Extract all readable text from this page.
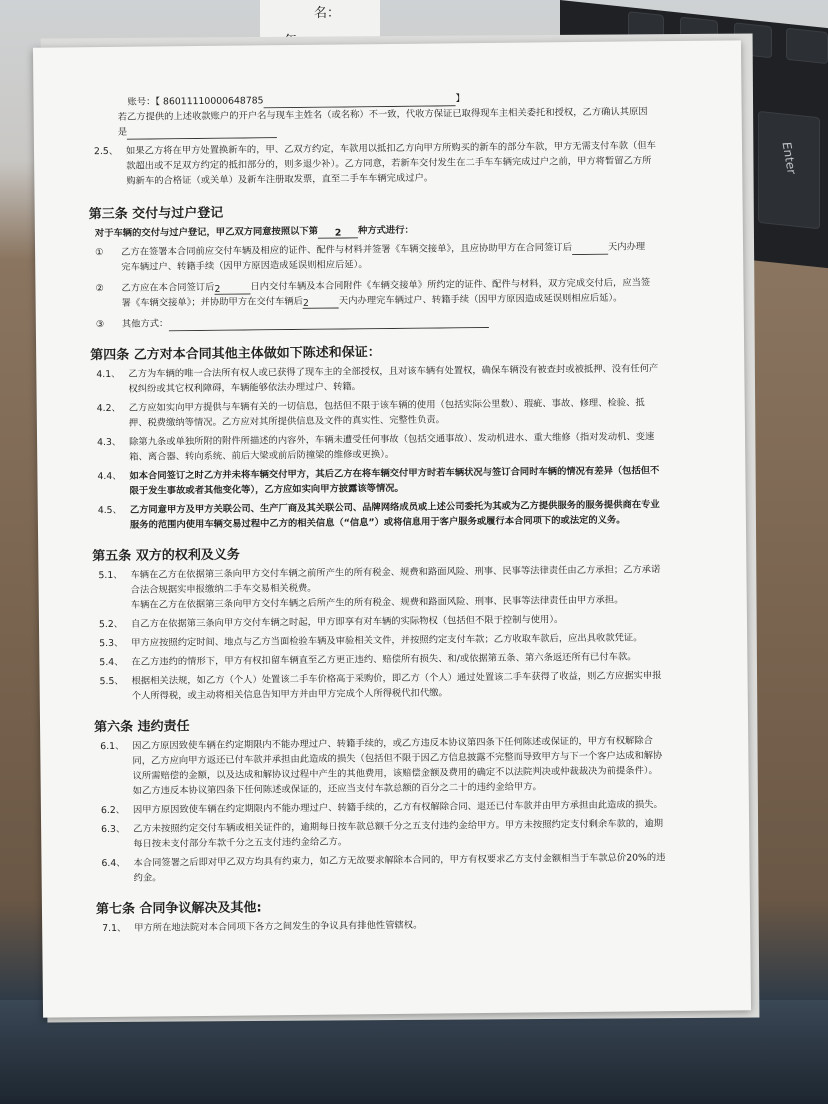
名：
Enter
账号：【 86011110000648785	】
若乙方提供的上述收款账户的开户名与现车主姓名（或名称）不一致，代收方保证已取得现车主相关委托和授权，乙方确认其原因
是
2.5、 如果乙方将在甲方处置换新车的，甲、乙双方约定，车款用以抵扣乙方向甲方所购买的新车的部分车款，甲方无需支付车款（但车
款超出或不足双方约定的抵扣部分的，则多退少补）。乙方同意，若新车交付发生在二手车车辆完成过户之前，甲方将暂留乙方所
购新车的合格证（或关单）及新车注册取发票，直至二手车车辆完成过户。
第三条 交付与过户登记
对于车辆的交付与过户登记，甲乙双方同意按照以下第 2 种方式进行：
①	乙方在签署本合同前应交付车辆及相应的证件、配件与材料并签署《车辆交接单》，且应协助甲方在合同签订后	天内办理
完车辆过户、转籍手续（因甲方原因造成延误则相应后延）。
②	乙方应在本合同签订后2	日内交付车辆及本合同附件《车辆交接单》所约定的证件、配件与材料，双方完成交付后，应当签
署《车辆交接单》；并协助甲方在交付车辆后2	天内办理完车辆过户、转籍手续（因甲方原因造成延误则相应后延）。
③	其他方式：
第四条 乙方对本合同其他主体做如下陈述和保证：
4.1、 乙方为车辆的唯一合法所有权人或已获得了现车主的全部授权，且对该车辆有处置权，确保车辆没有被查封或被抵押、没有任何产
权纠纷或其它权利障碍，车辆能够依法办理过户、转籍。
4.2、 乙方应如实向甲方提供与车辆有关的一切信息，包括但不限于该车辆的使用（包括实际公里数）、瑕疵、事故、修理、检验、抵
押、税费缴纳等情况。乙方应对其所提供信息及文件的真实性、完整性负责。
4.3、 除第九条或单独所附的附件所描述的内容外，车辆未遭受任何事故（包括交通事故）、发动机进水、重大维修（指对发动机、变速
箱、离合器、转向系统、前后大梁或前后防撞梁的维修或更换）。
4.4、 如本合同签订之时乙方并未将车辆交付甲方，其后乙方在将车辆交付甲方时若车辆状况与签订合同时车辆的情况有差异（包括但不
限于发生事故或者其他变化等），乙方应如实向甲方披露该等情况。
4.5、 乙方同意甲方及甲方关联公司、生产厂商及其关联公司、品牌网络成员或上述公司委托为其或为乙方提供服务的服务提供商在专业
服务的范围内使用车辆交易过程中乙方的相关信息（“信息”）或将信息用于客户服务或履行本合同项下的或法定的义务。
第五条 双方的权利及义务
5.1、 车辆在乙方在依据第三条向甲方交付车辆之前所产生的所有税金、规费和路面风险、刑事、民事等法律责任由乙方承担；乙方承诺
合法合规据实申报缴纳二手车交易相关税费。
车辆在乙方在依据第三条向甲方交付车辆之后所产生的所有税金、规费和路面风险、刑事、民事等法律责任由甲方承担。
5.2、 自乙方在依据第三条向甲方交付车辆之时起，甲方即享有对车辆的实际物权（包括但不限于控制与使用）。
5.3、 甲方应按照约定时间、地点与乙方当面检验车辆及审验相关文件，并按照约定支付车款；乙方收取车款后，应出具收款凭证。
5.4、 在乙方违约的情形下，甲方有权扣留车辆直至乙方更正违约、赔偿所有损失、和/或依据第五条、第六条返还所有已付车款。
5.5、 根据相关法规，如乙方（个人）处置该二手车价格高于采购价，即乙方（个人）通过处置该二手车获得了收益，则乙方应据实申报
个人所得税，或主动将相关信息告知甲方并由甲方完成个人所得税代扣代缴。
第六条 违约责任
6.1、 因乙方原因致使车辆在约定期限内不能办理过户、转籍手续的，或乙方违反本协议第四条下任何陈述或保证的，甲方有权解除合
同，乙方应向甲方返还已付车款并承担由此造成的损失（包括但不限于因乙方信息披露不完整而导致甲方与下一个客户达成和解协
议所需赔偿的金额，以及达成和解协议过程中产生的其他费用，该赔偿金额及费用的确定不以法院判决或仲裁裁决为前提条件）。
如乙方违反本协议第四条下任何陈述或保证的，还应当支付车款总额的百分之二十的违约金给甲方。
6.2、 因甲方原因致使车辆在约定期限内不能办理过户、转籍手续的，乙方有权解除合同、退还已付车款并由甲方承担由此造成的损失。
6.3、 乙方未按照约定交付车辆或相关证件的，逾期每日按车款总额千分之五支付违约金给甲方。甲方未按照约定支付剩余车款的，逾期
每日按未支付部分车款千分之五支付违约金给乙方。
6.4、 本合同签署之后即对甲乙双方均具有约束力，如乙方无故要求解除本合同的，甲方有权要求乙方支付金额相当于车款总价20%的违
约金。
第七条 合同争议解决及其他:
7.1、 甲方所在地法院对本合同项下各方之间发生的争议具有排他性管辖权。
